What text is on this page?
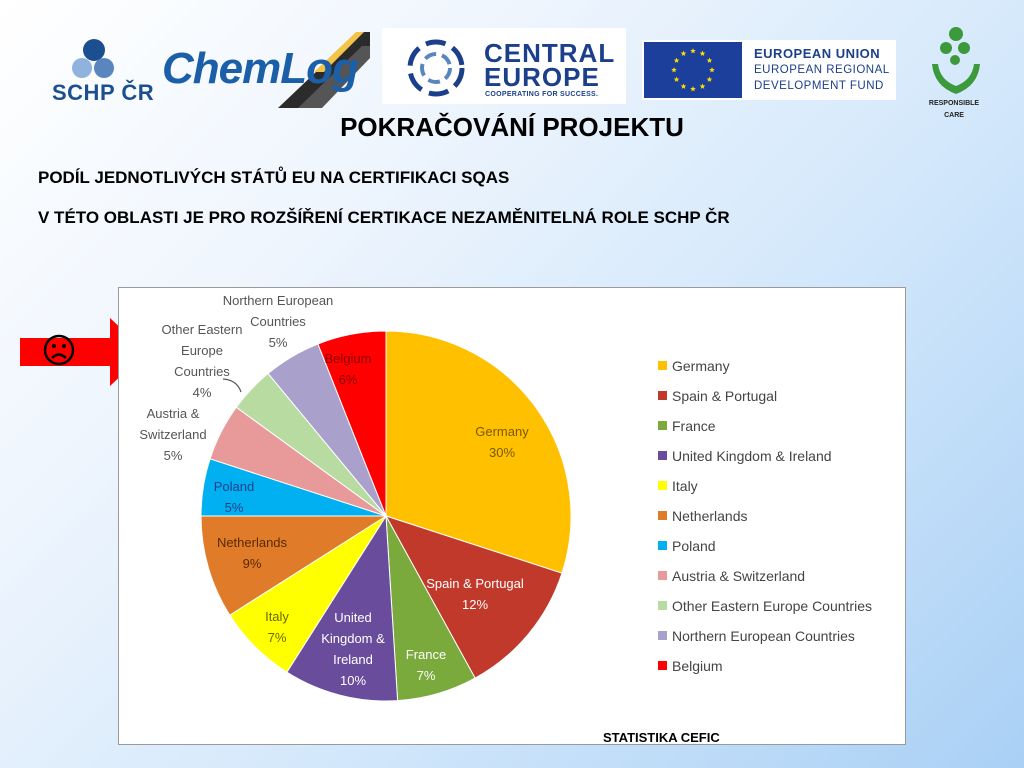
SCHP ČR ChemLog	CENTRAL
EUROPE
COOPERATING FOR SUCCESS.
EUROPEAN UNION
EUROPEAN REGIONAL
DEVELOPMENT FUND
RESPONSIBLE
CARE
POKRAČOVÁNÍ PROJEKTU
PODÍL JEDNOTLIVÝCH STÁTŮ EU NA CERTIFIKACI SQAS
V TÉTO OBLASTI JE PRO ROZŠÍŘENÍ CERTIKACE NEZAMĚNITELNÁ ROLE SCHP ČR
Germany 30%
Spain & Portugal 12%
France 7%
United Kingdom & Ireland 10%
Italy 7%
Netherlands 9%
Poland 5%
Austria & Switzerland 5%
Other Eastern Europe Countries 4%
Northern European Countries 5%
Belgium 6%
Germany
Spain & Portugal
France
United Kingdom & Ireland
Italy
Netherlands
Poland
Austria & Switzerland
Other Eastern Europe Countries
Northern European Countries
Belgium
STATISTIKA CEFIC
